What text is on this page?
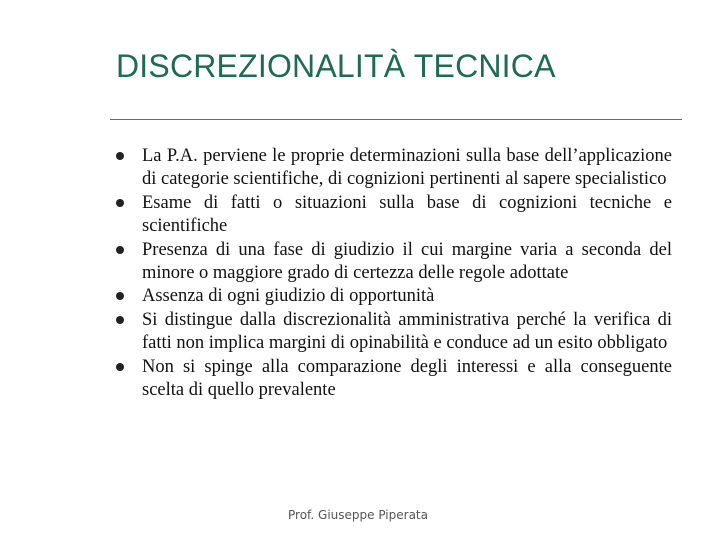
DISCREZIONALITÀ TECNICA
La P.A. perviene le proprie determinazioni sulla base dell’applicazione di categorie scientifiche, di cognizioni pertinenti al sapere specialistico
Esame di fatti o situazioni sulla base di cognizioni tecniche e scientifiche
Presenza di una fase di giudizio il cui margine varia a seconda del minore o maggiore grado di certezza delle regole adottate
Assenza di ogni giudizio di opportunità
Si distingue dalla discrezionalità amministrativa perché la verifica di fatti non implica margini di opinabilità e conduce ad un esito obbligato
Non si spinge alla comparazione degli interessi e alla conseguente scelta di quello prevalente
Prof. Giuseppe Piperata
